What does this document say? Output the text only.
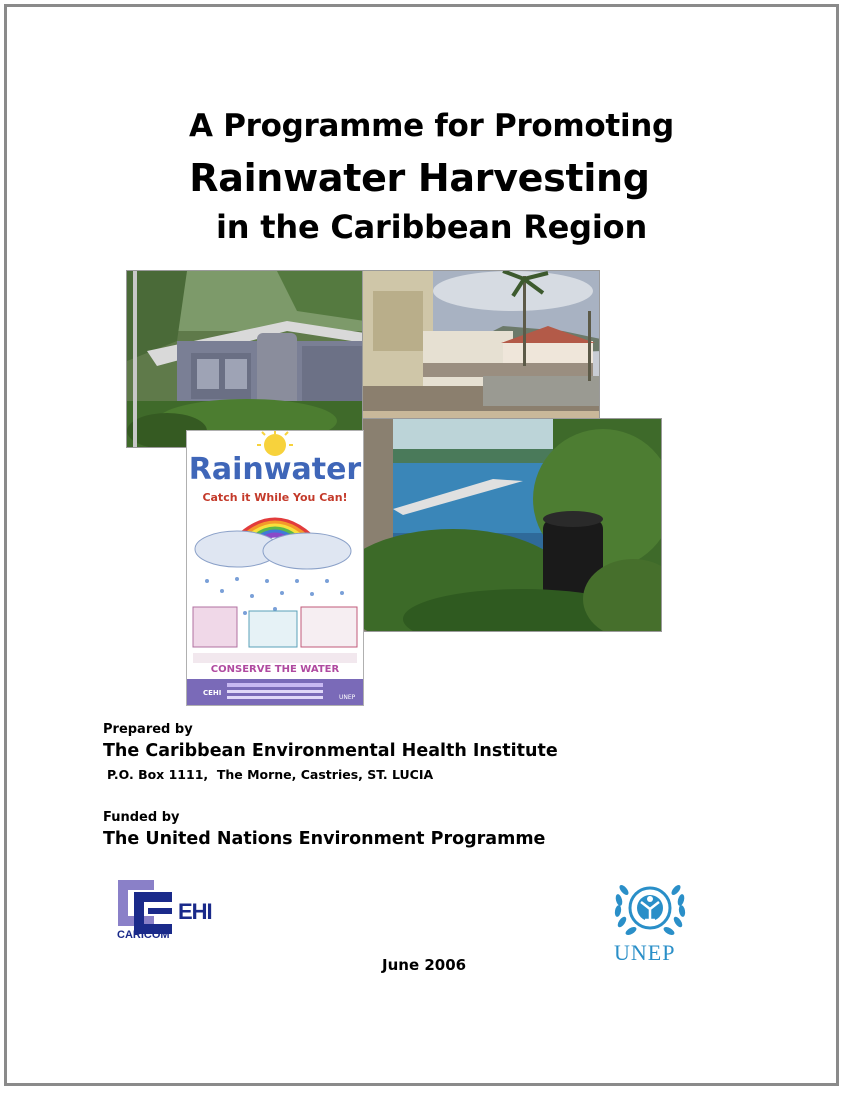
A Programme for Promoting
Rainwater Harvesting
in the Caribbean Region
Rainwater
Catch it While You Can!
CONSERVE THE WATER
CEHI
UNEP
Prepared by
The Caribbean Environmental Health Institute
P.O. Box 1111,  The Morne, Castries, ST. LUCIA
Funded by
The United Nations Environment Programme
EHI
CARICOM
UNEP
June 2006
